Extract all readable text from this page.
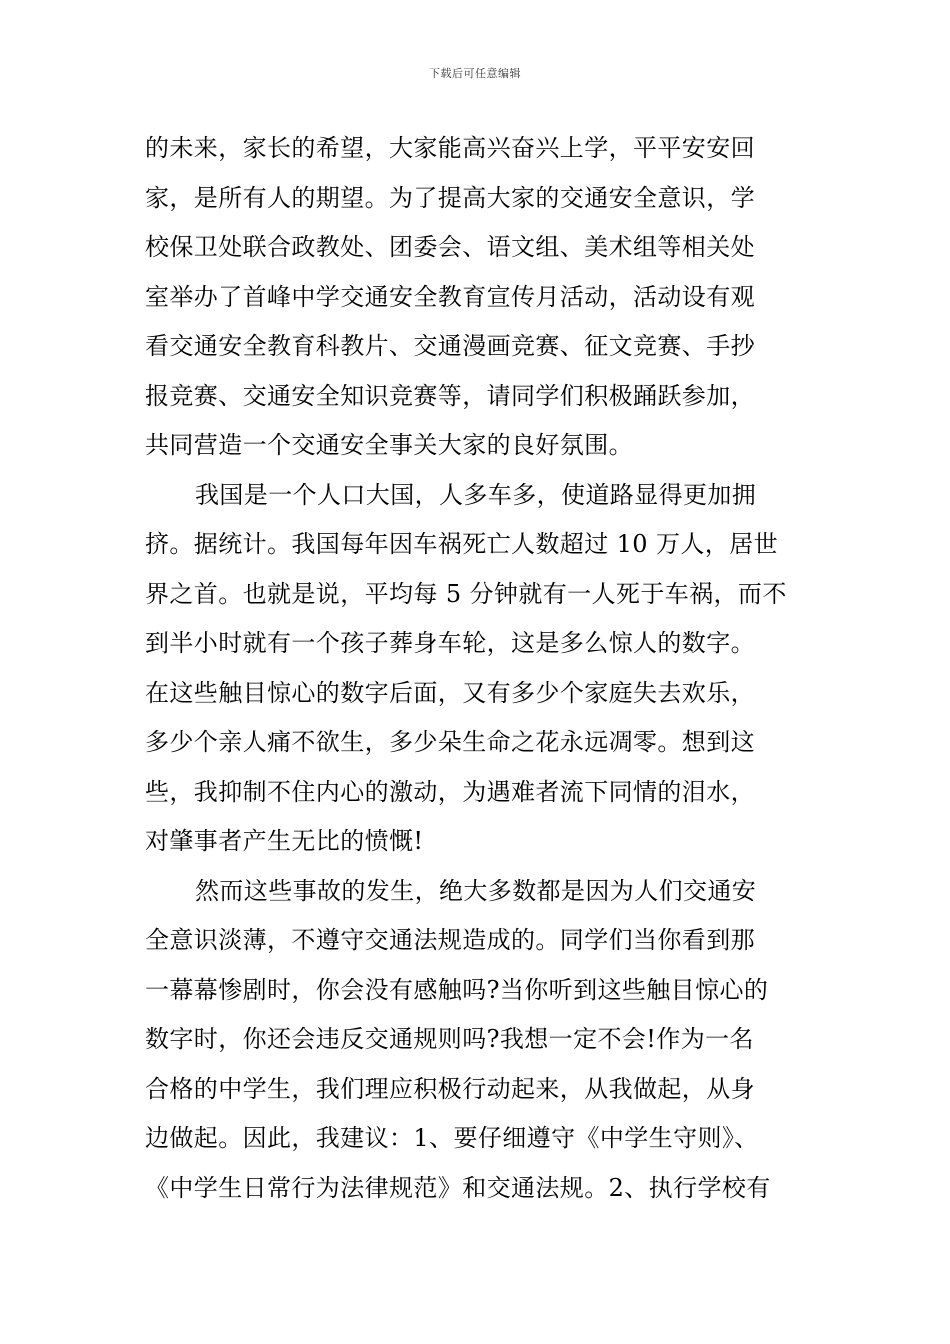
下载后可任意编辑
的未来，家长的希望，大家能高兴奋兴上学，平平安安回
家，是所有人的期望。为了提高大家的交通安全意识，学
校保卫处联合政教处、团委会、语文组、美术组等相关处
室举办了首峰中学交通安全教育宣传月活动，活动设有观
看交通安全教育科教片、交通漫画竞赛、征文竞赛、手抄
报竞赛、交通安全知识竞赛等，请同学们积极踊跃参加，
共同营造一个交通安全事关大家的良好氛围。
我国是一个人口大国，人多车多，使道路显得更加拥
挤。据统计。我国每年因车祸死亡人数超过 10 万人，居世
界之首。也就是说，平均每 5 分钟就有一人死于车祸，而不
到半小时就有一个孩子葬身车轮，这是多么惊人的数字。
在这些触目惊心的数字后面，又有多少个家庭失去欢乐，
多少个亲人痛不欲生，多少朵生命之花永远凋零。想到这
些，我抑制不住内心的激动，为遇难者流下同情的泪水，
对肇事者产生无比的愤慨!
然而这些事故的发生，绝大多数都是因为人们交通安
全意识淡薄，不遵守交通法规造成的。同学们当你看到那
一幕幕惨剧时，你会没有感触吗?当你听到这些触目惊心的
数字时，你还会违反交通规则吗?我想一定不会!作为一名
合格的中学生，我们理应积极行动起来，从我做起，从身
边做起。因此，我建议：1、要仔细遵守《中学生守则》、
《中学生日常行为法律规范》和交通法规。2、执行学校有
